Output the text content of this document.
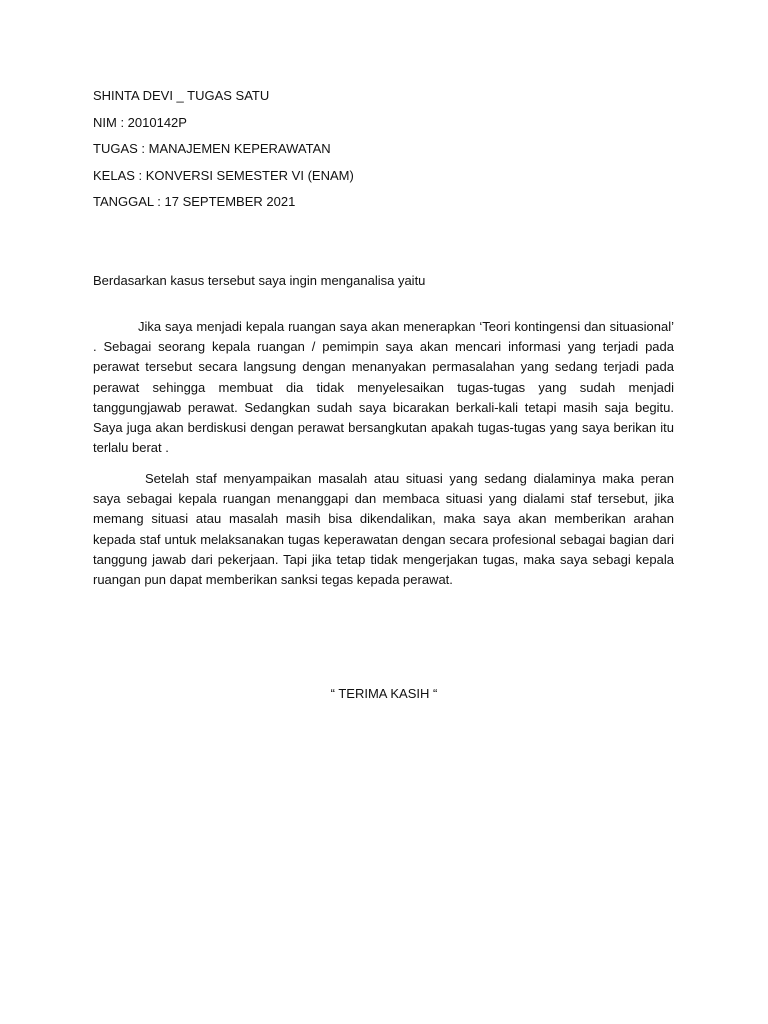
SHINTA DEVI _ TUGAS SATU

NIM : 2010142P

TUGAS : MANAJEMEN KEPERAWATAN

KELAS : KONVERSI SEMESTER VI (ENAM)

TANGGAL : 17 SEPTEMBER 2021

Berdasarkan kasus tersebut saya ingin menganalisa yaitu

Jika saya menjadi kepala ruangan saya akan menerapkan ‘Teori kontingensi dan situasional’ . Sebagai seorang kepala ruangan / pemimpin saya akan mencari informasi yang terjadi pada perawat tersebut secara langsung dengan menanyakan permasalahan yang sedang terjadi pada perawat sehingga membuat dia tidak menyelesaikan tugas-tugas yang sudah menjadi tanggungjawab perawat. Sedangkan sudah saya bicarakan berkali-kali tetapi masih saja begitu. Saya juga akan berdiskusi dengan perawat bersangkutan apakah tugas-tugas yang saya berikan itu terlalu berat .

Setelah staf menyampaikan masalah atau situasi yang sedang dialaminya maka peran saya sebagai kepala ruangan menanggapi dan membaca situasi yang dialami staf tersebut, jika memang situasi atau masalah masih bisa dikendalikan, maka saya akan memberikan arahan kepada staf untuk melaksanakan tugas keperawatan dengan secara profesional sebagai bagian dari tanggung jawab dari pekerjaan. Tapi jika tetap tidak mengerjakan tugas, maka saya sebagi kepala ruangan pun dapat memberikan sanksi tegas kepada perawat.

“ TERIMA KASIH “
